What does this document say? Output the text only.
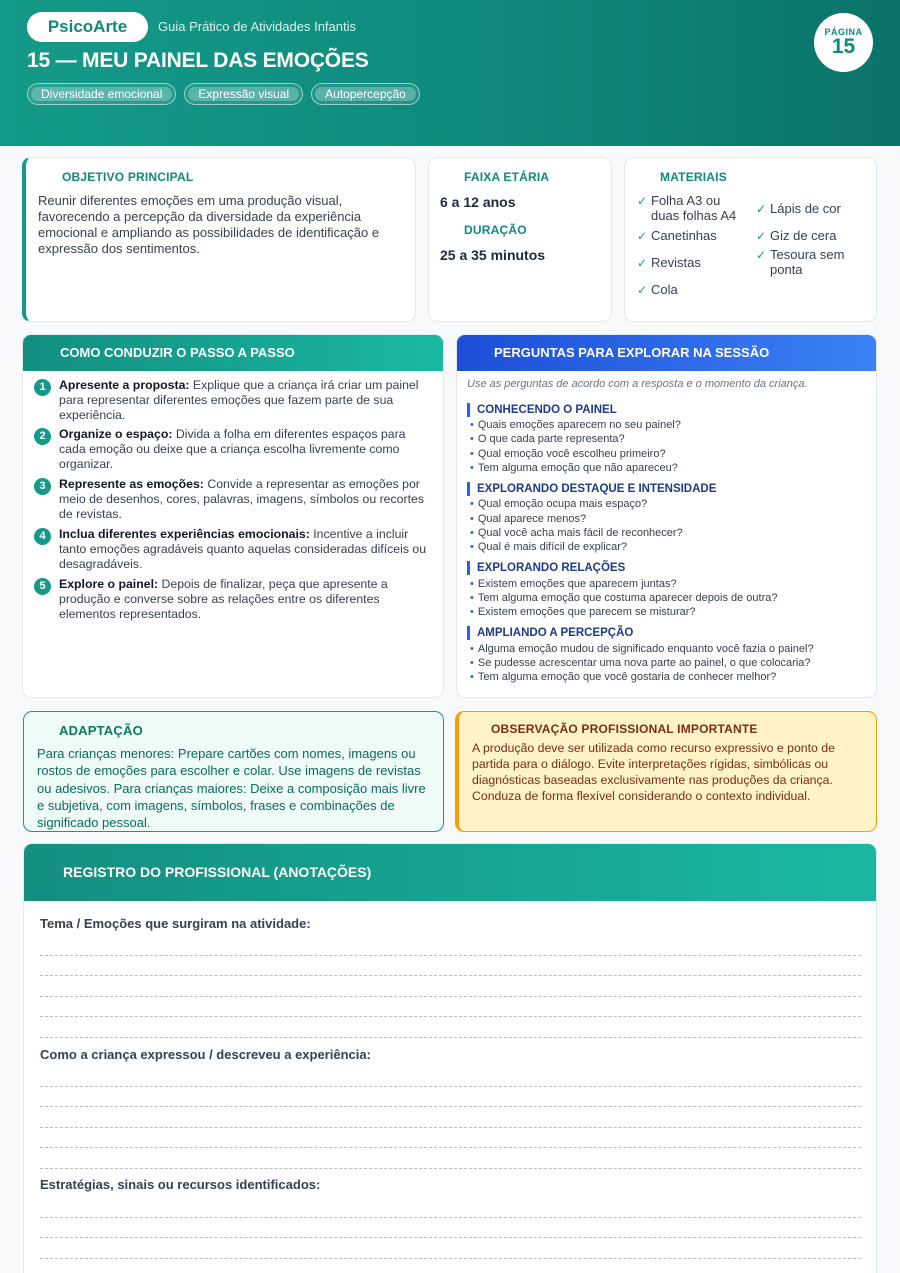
PsicoArte	Guia Prático de Atividades Infantis
15 — MEU PAINEL DAS EMOÇÕES
Diversidade emocional	Expressão visual	Autopercepção
PÁGINA
15
OBJETIVO PRINCIPAL
Reunir diferentes emoções em uma produção visual, favorecendo a percepção da diversidade da experiência emocional e ampliando as possibilidades de identificação e expressão dos sentimentos.
FAIXA ETÁRIA
6 a 12 anos
DURAÇÃO
25 a 35 minutos
MATERIAIS
✓ Folha A3 ou duas folhas A4	✓ Lápis de cor
✓ Canetinhas	✓ Giz de cera
✓ Revistas	✓ Tesoura sem ponta
✓ Cola
COMO CONDUZIR O PASSO A PASSO
1	Apresente a proposta: Explique que a criança irá criar um painel para representar diferentes emoções que fazem parte de sua experiência.
2	Organize o espaço: Divida a folha em diferentes espaços para cada emoção ou deixe que a criança escolha livremente como organizar.
3	Represente as emoções: Convide a representar as emoções por meio de desenhos, cores, palavras, imagens, símbolos ou recortes de revistas.
4	Inclua diferentes experiências emocionais: Incentive a incluir tanto emoções agradáveis quanto aquelas consideradas difíceis ou desagradáveis.
5	Explore o painel: Depois de finalizar, peça que apresente a produção e converse sobre as relações entre os diferentes elementos representados.
PERGUNTAS PARA EXPLORAR NA SESSÃO
Use as perguntas de acordo com a resposta e o momento da criança.
CONHECENDO O PAINEL
• Quais emoções aparecem no seu painel?
• O que cada parte representa?
• Qual emoção você escolheu primeiro?
• Tem alguma emoção que não apareceu?
EXPLORANDO DESTAQUE E INTENSIDADE
• Qual emoção ocupa mais espaço?
• Qual aparece menos?
• Qual você acha mais fácil de reconhecer?
• Qual é mais difícil de explicar?
EXPLORANDO RELAÇÕES
• Existem emoções que aparecem juntas?
• Tem alguma emoção que costuma aparecer depois de outra?
• Existem emoções que parecem se misturar?
AMPLIANDO A PERCEPÇÃO
• Alguma emoção mudou de significado enquanto você fazia o painel?
• Se pudesse acrescentar uma nova parte ao painel, o que colocaria?
• Tem alguma emoção que você gostaria de conhecer melhor?
ADAPTAÇÃO
Para crianças menores: Prepare cartões com nomes, imagens ou rostos de emoções para escolher e colar. Use imagens de revistas ou adesivos. Para crianças maiores: Deixe a composição mais livre e subjetiva, com imagens, símbolos, frases e combinações de significado pessoal.
OBSERVAÇÃO PROFISSIONAL IMPORTANTE
A produção deve ser utilizada como recurso expressivo e ponto de partida para o diálogo. Evite interpretações rígidas, simbólicas ou diagnósticas baseadas exclusivamente nas produções da criança. Conduza de forma flexível considerando o contexto individual.
REGISTRO DO PROFISSIONAL (ANOTAÇÕES)
Tema / Emoções que surgiram na atividade:
Como a criança expressou / descreveu a experiência:
Estratégias, sinais ou recursos identificados:
